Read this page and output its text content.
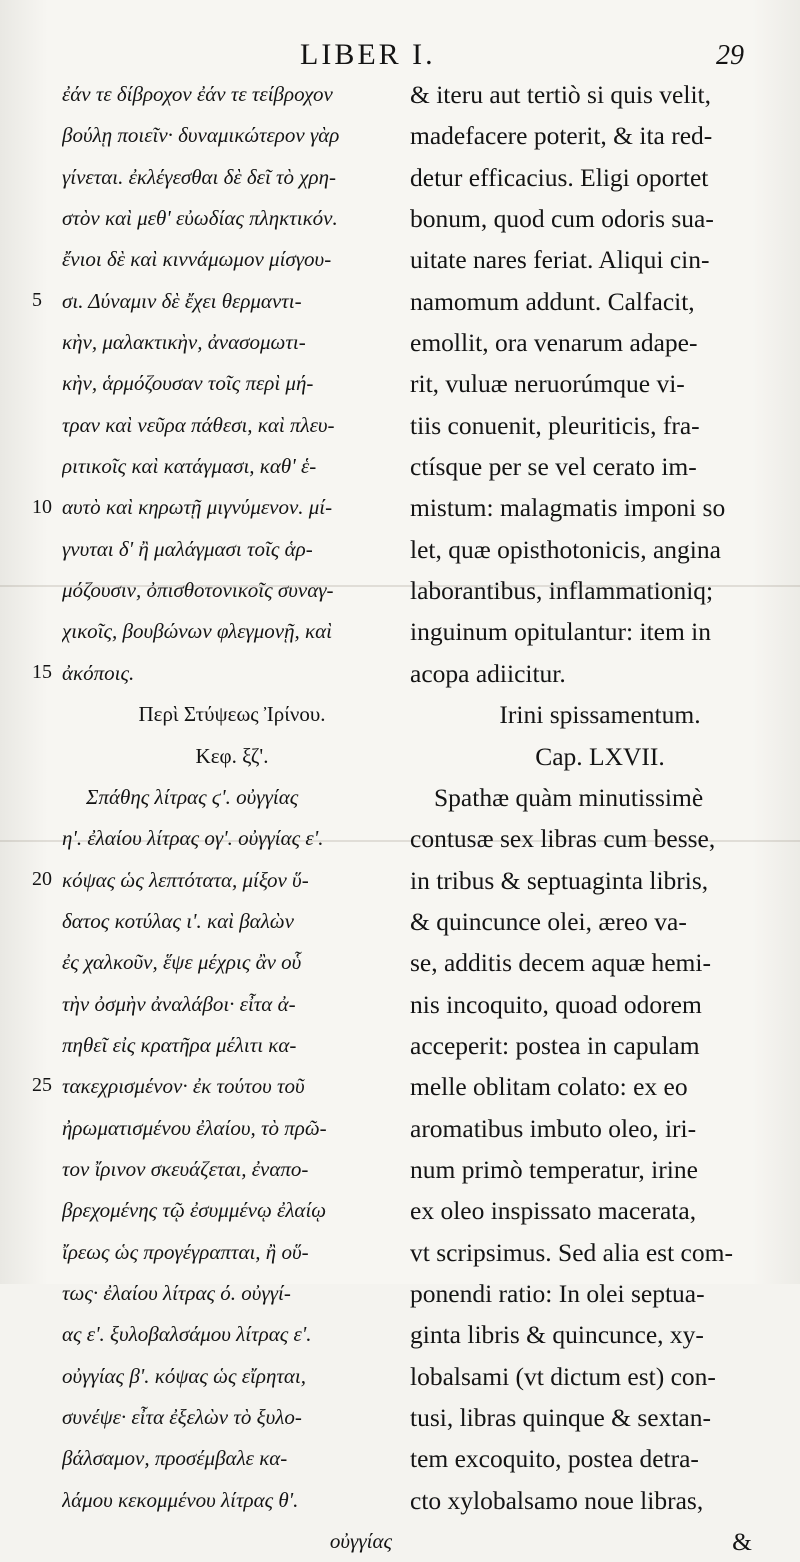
LIBER I.	29
ἐάν τε δίβροχον ἐάν τε τείβροχον
βούλῃ ποιεῖν· δυναμικώτερον γὰρ
γίνεται. ἐκλέγεσθαι δὲ δεῖ τὸ χρη-
στὸν καὶ μεθ' εὐωδίας πληκτικόν.
ἔνιοι δὲ καὶ κιννάμωμον μίσγου-
σι. Δύναμιν δὲ ἔχει θερμαντι-
κὴν, μαλακτικὴν, ἀνασομωτι-
κὴν, ἁρμόζουσαν τοῖς περὶ μή-
τραν καὶ νεῦρα πάθεσι, καὶ πλευ-
ριτικοῖς καὶ κατάγμασι, καθ' ἑ-
αυτὸ καὶ κηρωτῇ μιγνύμενον. μί-
γνυται δ' ἢ μαλάγμασι τοῖς ἁρ-
μόζουσιν, ὀπισθοτονικοῖς συναγ-
χικοῖς, βουβώνων φλεγμονῇ, καὶ
ἀκόποις.
Περὶ Στύψεως Ἰρίνου.
Κεφ. ξζ'.
Σπάθης λίτρας ϛ'. οὐγγίας
η'. ἐλαίου λίτρας ογ'. οὐγγίας ε'.
κόψας ὡς λεπτότατα, μίξον ὕ-
δατος κοτύλας ι'. καὶ βαλὼν
ἐς χαλκοῦν, ἕψε μέχρις ἂν οὗ
τὴν ὀσμὴν ἀναλάβοι· εἶτα ἀ-
πηθεῖ εἰς κρατῆρα μέλιτι κα-
τακεχρισμένον· ἐκ τούτου τοῦ
ἠρωματισμένου ἐλαίου, τὸ πρῶ-
τον ἴρινον σκευάζεται, ἐναπο-
βρεχομένης τῷ ἐσυμμένῳ ἐλαίῳ
ἴρεως ὡς προγέγραπται, ἢ οὕ-
τως· ἐλαίου λίτρας ό. οὐγγί-
ας ε'. ξυλοβαλσάμου λίτρας ε'.
οὐγγίας β'. κόψας ὡς εἴρηται,
συνέψε· εἶτα ἐξελὼν τὸ ξυλο-
βάλσαμον, προσέμβαλε κα-
λάμου κεκομμένου λίτρας θ'.
οὐγγίας
& iteru aut tertiò si quis velit,
madefacere poterit, & ita red-
detur efficacius. Eligi oportet
bonum, quod cum odoris sua-
uitate nares feriat. Aliqui cin-
namomum addunt. Calfacit,
emollit, ora venarum adape-
rit, vuluæ neruorúmque vi-
tiis conuenit, pleuriticis, fra-
ctísque per se vel cerato im-
mistum: malagmatis imponi so
let, quæ opisthotonicis, angina
laborantibus, inflammationiq;
inguinum opitulantur: item in
acopa adiicitur.
Irini spissamentum.
Cap. LXVII.
Spathæ quàm minutissimè
contusæ sex libras cum besse,
in tribus & septuaginta libris,
& quincunce olei, æreo va-
se, additis decem aquæ hemi-
nis incoquito, quoad odorem
acceperit: postea in capulam
melle oblitam colato: ex eo
aromatibus imbuto oleo, iri-
num primò temperatur, irine
ex oleo inspissato macerata,
vt scripsimus. Sed alia est com-
ponendi ratio: In olei septua-
ginta libris & quincunce, xy-
lobalsami (vt dictum est) con-
tusi, libras quinque & sextan-
tem excoquito, postea detra-
cto xylobalsamo noue libras,
&
5
10
15
20
25
